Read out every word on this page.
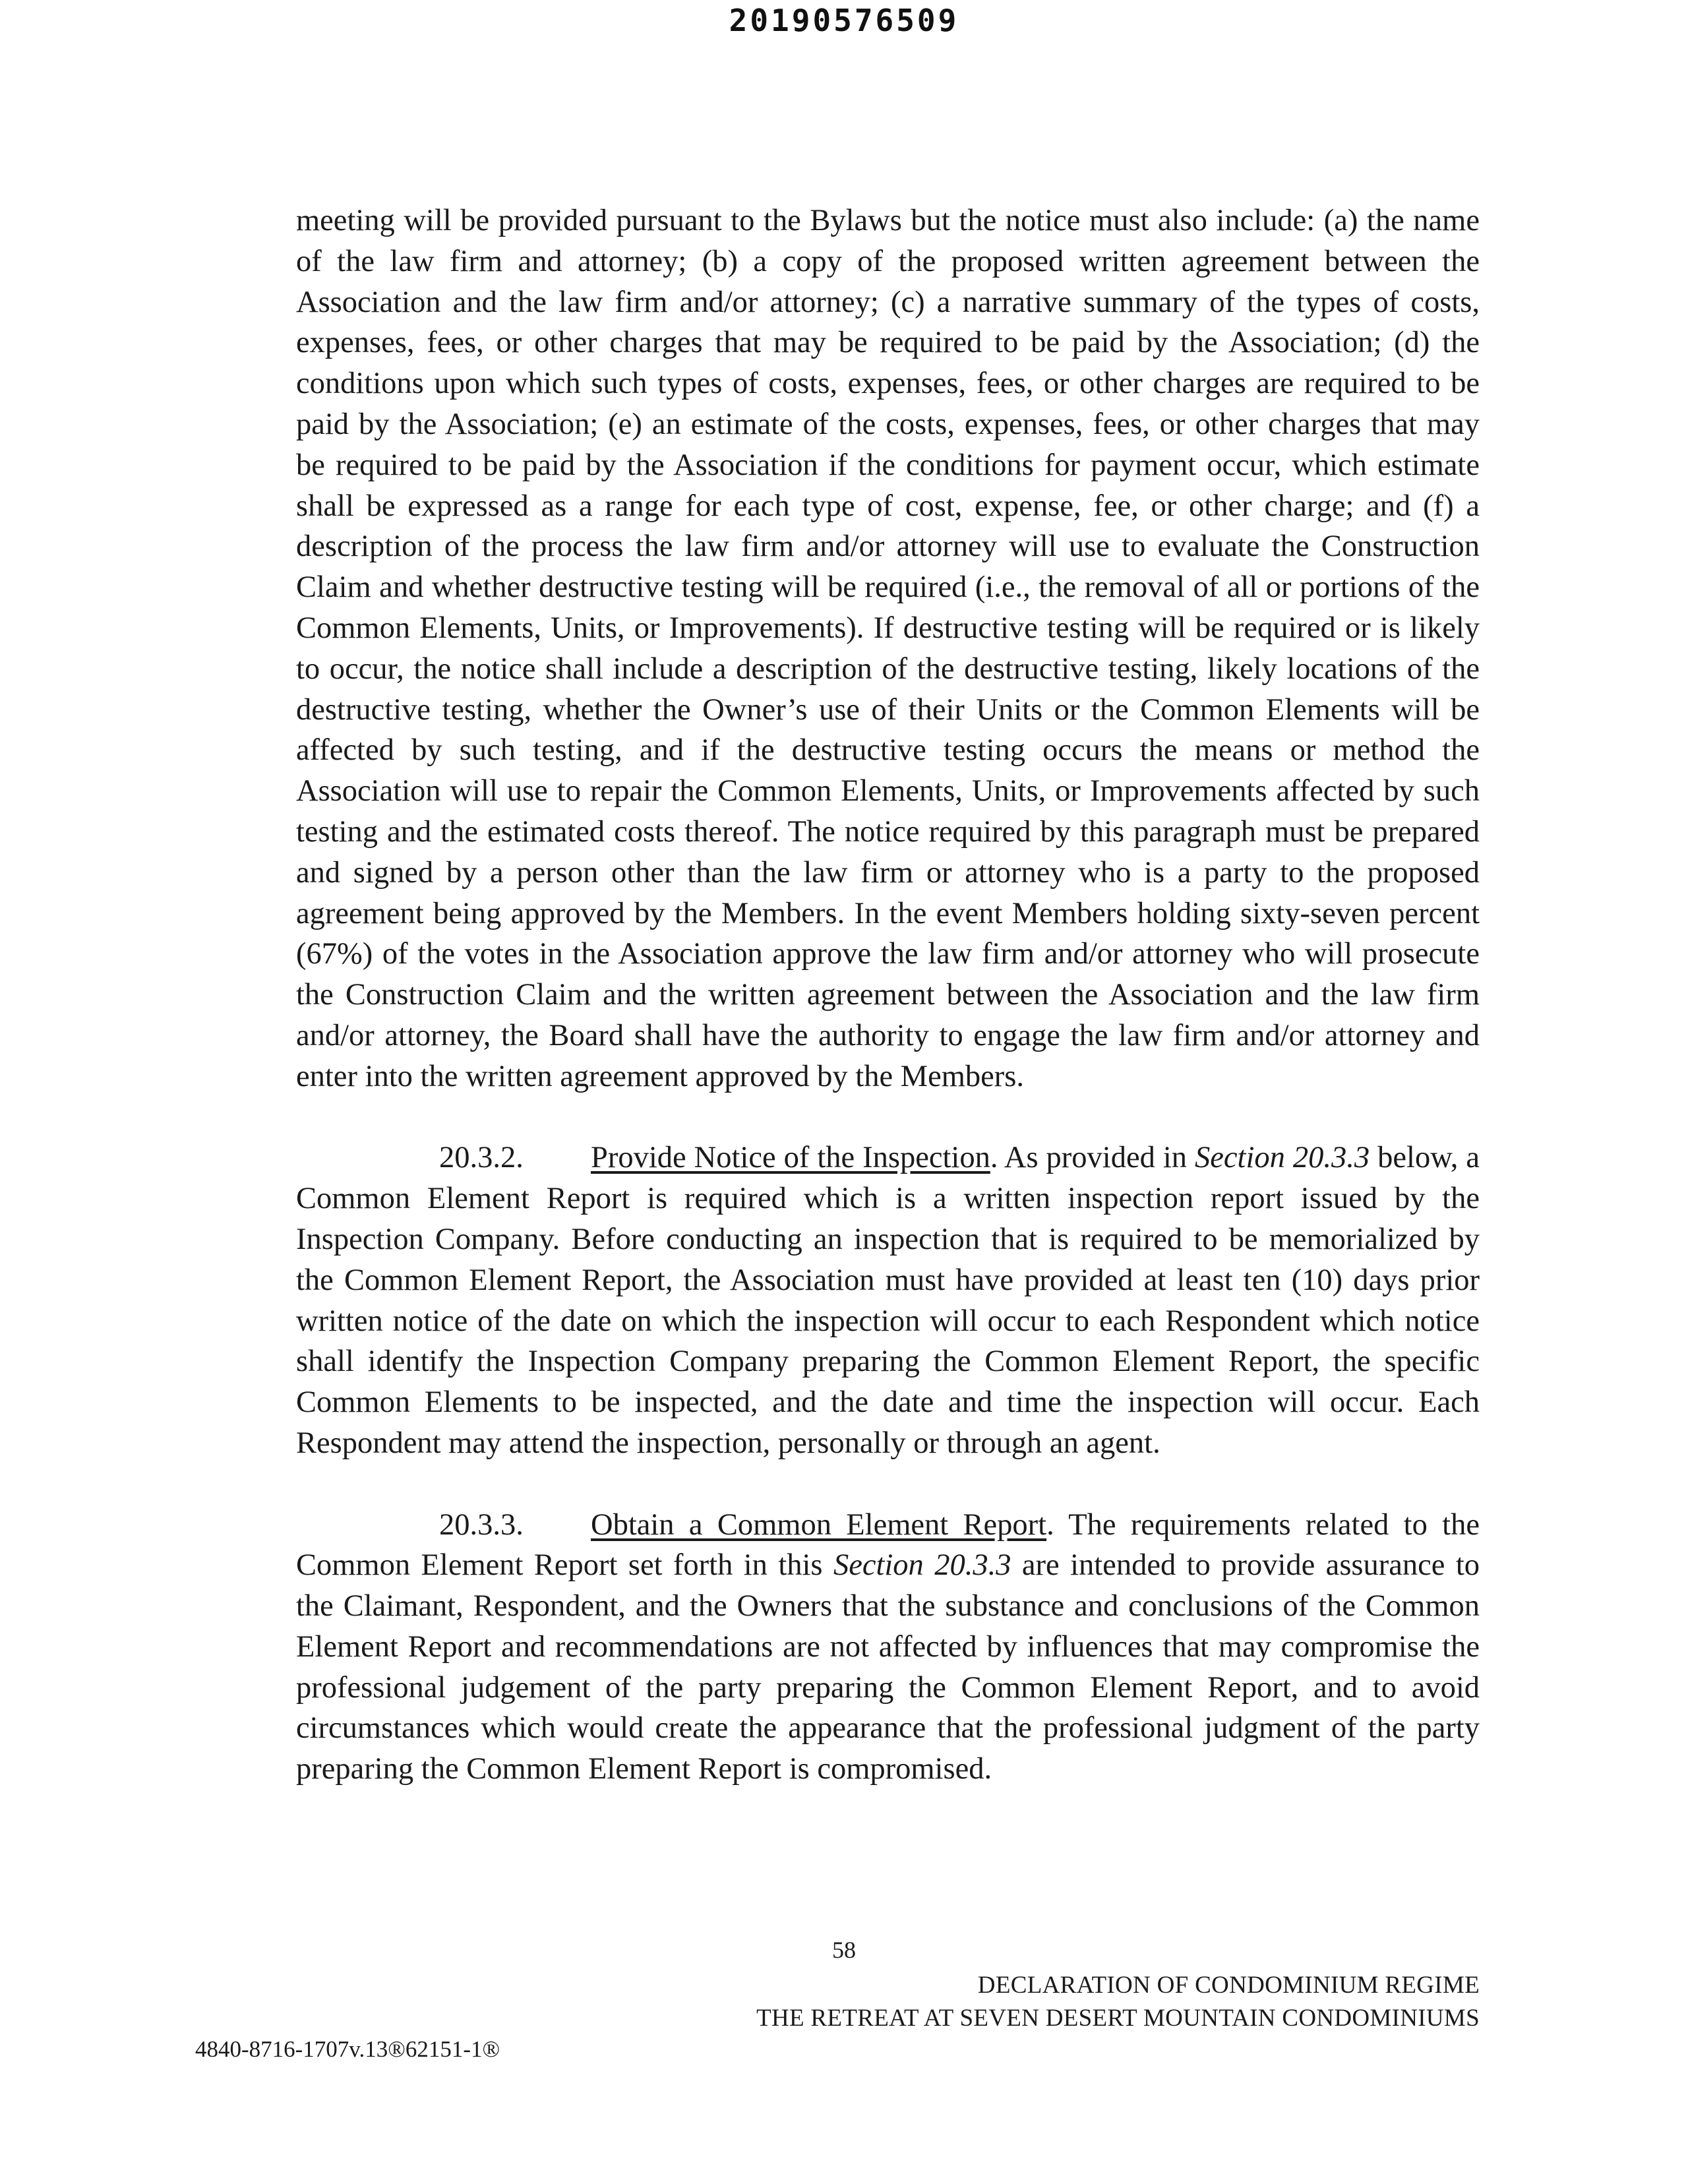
20190576509

meeting will be provided pursuant to the Bylaws but the notice must also include: (a) the name of the law firm and attorney; (b) a copy of the proposed written agreement between the Association and the law firm and/or attorney; (c) a narrative summary of the types of costs, expenses, fees, or other charges that may be required to be paid by the Association; (d) the conditions upon which such types of costs, expenses, fees, or other charges are required to be paid by the Association; (e) an estimate of the costs, expenses, fees, or other charges that may be required to be paid by the Association if the conditions for payment occur, which estimate shall be expressed as a range for each type of cost, expense, fee, or other charge; and (f) a description of the process the law firm and/or attorney will use to evaluate the Construction Claim and whether destructive testing will be required (i.e., the removal of all or portions of the Common Elements, Units, or Improvements). If destructive testing will be required or is likely to occur, the notice shall include a description of the destructive testing, likely locations of the destructive testing, whether the Owner’s use of their Units or the Common Elements will be affected by such testing, and if the destructive testing occurs the means or method the Association will use to repair the Common Elements, Units, or Improvements affected by such testing and the estimated costs thereof. The notice required by this paragraph must be prepared and signed by a person other than the law firm or attorney who is a party to the proposed agreement being approved by the Members. In the event Members holding sixty-seven percent (67%) of the votes in the Association approve the law firm and/or attorney who will prosecute the Construction Claim and the written agreement between the Association and the law firm and/or attorney, the Board shall have the authority to engage the law firm and/or attorney and enter into the written agreement approved by the Members.

20.3.2. Provide Notice of the Inspection. As provided in Section 20.3.3 below, a Common Element Report is required which is a written inspection report issued by the Inspection Company. Before conducting an inspection that is required to be memorialized by the Common Element Report, the Association must have provided at least ten (10) days prior written notice of the date on which the inspection will occur to each Respondent which notice shall identify the Inspection Company preparing the Common Element Report, the specific Common Elements to be inspected, and the date and time the inspection will occur. Each Respondent may attend the inspection, personally or through an agent.

20.3.3. Obtain a Common Element Report. The requirements related to the Common Element Report set forth in this Section 20.3.3 are intended to provide assurance to the Claimant, Respondent, and the Owners that the substance and conclusions of the Common Element Report and recommendations are not affected by influences that may compromise the professional judgement of the party preparing the Common Element Report, and to avoid circumstances which would create the appearance that the professional judgment of the party preparing the Common Element Report is compromised.

58
DECLARATION OF CONDOMINIUM REGIME
THE RETREAT AT SEVEN DESERT MOUNTAIN CONDOMINIUMS
4840-8716-1707v.13®62151-1®
